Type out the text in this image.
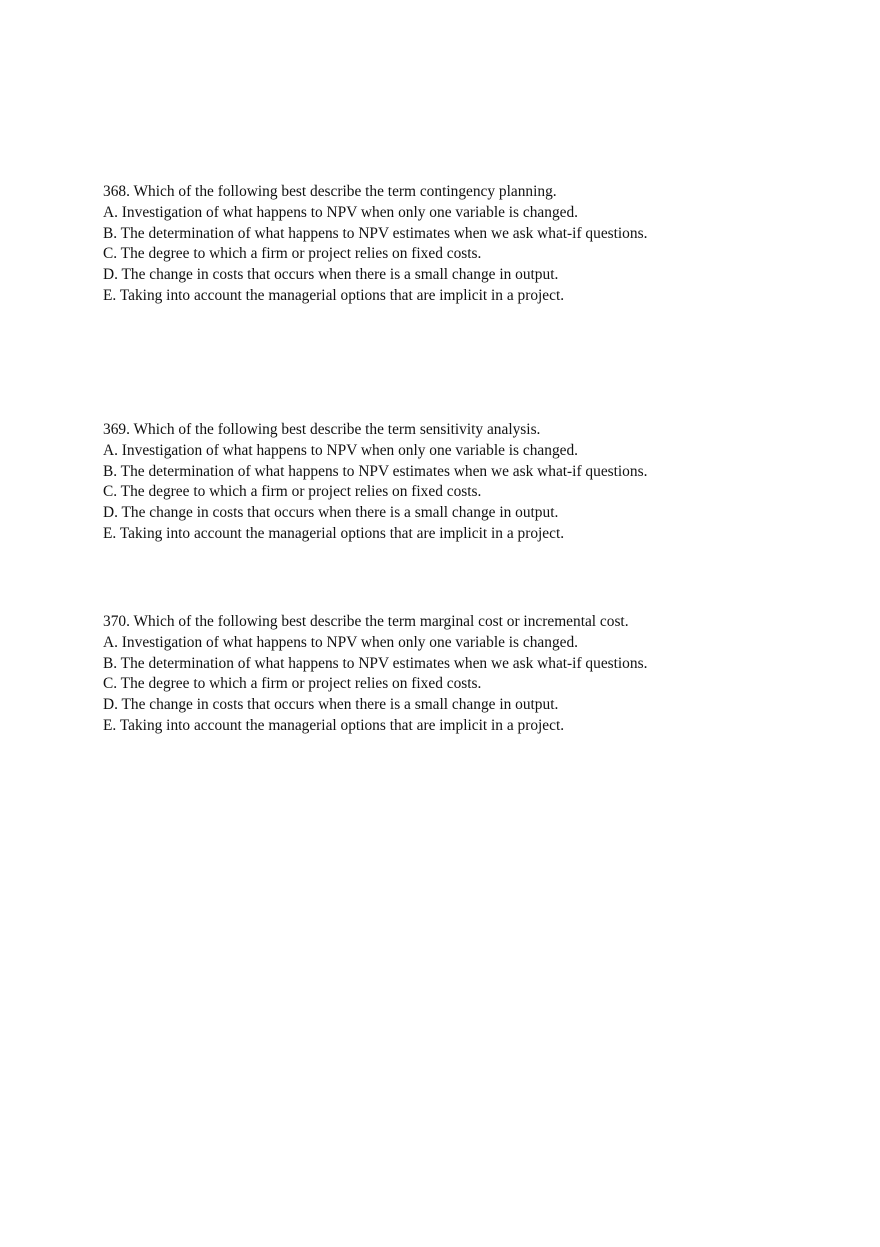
368. Which of the following best describe the term contingency planning.

A. Investigation of what happens to NPV when only one variable is changed.

B. The determination of what happens to NPV estimates when we ask what-if questions.

C. The degree to which a firm or project relies on fixed costs.

D. The change in costs that occurs when there is a small change in output.

E. Taking into account the managerial options that are implicit in a project.

369. Which of the following best describe the term sensitivity analysis.

A. Investigation of what happens to NPV when only one variable is changed.

B. The determination of what happens to NPV estimates when we ask what-if questions.

C. The degree to which a firm or project relies on fixed costs.

D. The change in costs that occurs when there is a small change in output.

E. Taking into account the managerial options that are implicit in a project.

370. Which of the following best describe the term marginal cost or incremental cost.

A. Investigation of what happens to NPV when only one variable is changed.

B. The determination of what happens to NPV estimates when we ask what-if questions.

C. The degree to which a firm or project relies on fixed costs.

D. The change in costs that occurs when there is a small change in output.

E. Taking into account the managerial options that are implicit in a project.
